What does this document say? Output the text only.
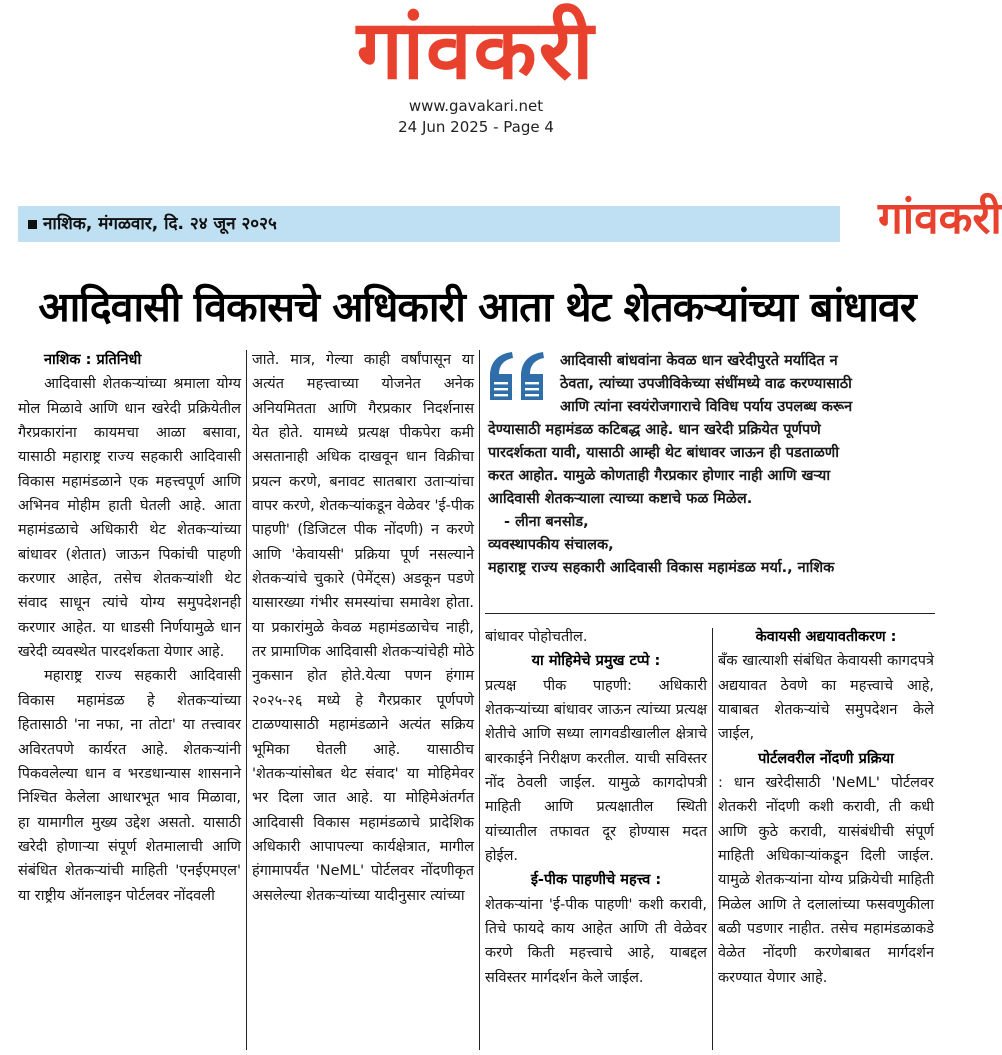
गांवकरी
www.gavakari.net
24 Jun 2025 - Page 4
नाशिक, मंगळवार, दि. २४ जून २०२५	गांवकरी
आदिवासी विकासचे अधिकारी आता थेट शेतकऱ्यांच्या बांधावर

नाशिक : प्रतिनिधी

आदिवासी शेतकऱ्यांच्या श्रमाला योग्य मोल मिळावे आणि धान खरेदी प्रक्रियेतील गैरप्रकारांना कायमचा आळा बसावा, यासाठी महाराष्ट्र राज्य सहकारी आदिवासी विकास महामंडळाने एक महत्त्वपूर्ण आणि अभिनव मोहीम हाती घेतली आहे. आता महामंडळाचे अधिकारी थेट शेतकऱ्यांच्या बांधावर (शेतात) जाऊन पिकांची पाहणी करणार आहेत, तसेच शेतकऱ्यांशी थेट संवाद साधून त्यांचे योग्य समुपदेशनही करणार आहेत. या धाडसी निर्णयामुळे धान खरेदी व्यवस्थेत पारदर्शकता येणार आहे.

महाराष्ट्र राज्य सहकारी आदिवासी विकास महामंडळ हे शेतकऱ्यांच्या हितासाठी 'ना नफा, ना तोटा' या तत्त्वावर अविरतपणे कार्यरत आहे. शेतकऱ्यांनी पिकवलेल्या धान व भरडधान्यास शासनाने निश्चित केलेला आधारभूत भाव मिळावा, हा यामागील मुख्य उद्देश असतो. यासाठी खरेदी होणाऱ्या संपूर्ण शेतमालाची आणि संबंधित शेतकऱ्यांची माहिती 'एनईएमएल' या राष्ट्रीय ऑनलाइन पोर्टलवर नोंदवली

जाते. मात्र, गेल्या काही वर्षांपासून या अत्यंत महत्त्वाच्या योजनेत अनेक अनियमितता आणि गैरप्रकार निदर्शनास येत होते. यामध्ये प्रत्यक्ष पीकपेरा कमी असतानाही अधिक दाखवून धान विक्रीचा प्रयत्न करणे, बनावट सातबारा उताऱ्यांचा वापर करणे, शेतकऱ्यांकडून वेळेवर 'ई-पीक पाहणी' (डिजिटल पीक नोंदणी) न करणे आणि 'केवायसी' प्रक्रिया पूर्ण नसल्याने शेतकऱ्यांचे चुकारे (पेमेंट्स) अडकून पडणे यासारख्या गंभीर समस्यांचा समावेश होता. या प्रकारांमुळे केवळ महामंडळाचेच नाही, तर प्रामाणिक आदिवासी शेतकऱ्यांचेही मोठे नुकसान होत होते.येत्या पणन हंगाम २०२५-२६ मध्ये हे गैरप्रकार पूर्णपणे टाळण्यासाठी महामंडळाने अत्यंत सक्रिय भूमिका घेतली आहे. यासाठीच 'शेतकऱ्यांसोबत थेट संवाद' या मोहिमेवर भर दिला जात आहे. या मोहिमेअंतर्गत आदिवासी विकास महामंडळाचे प्रादेशिक अधिकारी आपापल्या कार्यक्षेत्रात, मागील हंगामापर्यंत 'NeML' पोर्टलवर नोंदणीकृत असलेल्या शेतकऱ्यांच्या यादीनुसार त्यांच्या

आदिवासी बांधवांना केवळ धान खरेदीपुरते मर्यादित न
ठेवता, त्यांच्या उपजीविकेच्या संधींमध्ये वाढ करण्यासाठी
आणि त्यांना स्वयंरोजगाराचे विविध पर्याय उपलब्ध करून
देण्यासाठी महामंडळ कटिबद्ध आहे. धान खरेदी प्रक्रियेत पूर्णपणे
पारदर्शकता यावी, यासाठी आम्ही थेट बांधावर जाऊन ही पडताळणी
करत आहोत. यामुळे कोणताही गैरप्रकार होणार नाही आणि खऱ्या
आदिवासी शेतकऱ्याला त्याच्या कष्टाचे फळ मिळेल.
- लीना बनसोड,
व्यवस्थापकीय संचालक,
महाराष्ट्र राज्य सहकारी आदिवासी विकास महामंडळ मर्या., नाशिक

बांधावर पोहोचतील.

या मोहिमेचे प्रमुख टप्पे :

प्रत्यक्ष पीक पाहणी: अधिकारी शेतकऱ्यांच्या बांधावर जाऊन त्यांच्या प्रत्यक्ष शेतीचे आणि सध्या लागवडीखालील क्षेत्राचे बारकाईने निरीक्षण करतील. याची सविस्तर नोंद ठेवली जाईल. यामुळे कागदोपत्री माहिती आणि प्रत्यक्षातील स्थिती यांच्यातील तफावत दूर होण्यास मदत होईल.

ई-पीक पाहणीचे महत्त्व :

शेतकऱ्यांना 'ई-पीक पाहणी' कशी करावी, तिचे फायदे काय आहेत आणि ती वेळेवर करणे किती महत्त्वाचे आहे, याबद्दल सविस्तर मार्गदर्शन केले जाईल.

केवायसी अद्ययावतीकरण :

बँक खात्याशी संबंधित केवायसी कागदपत्रे अद्ययावत ठेवणे का महत्त्वाचे आहे, याबाबत शेतकऱ्यांचे समुपदेशन केले जाईल,

पोर्टलवरील नोंदणी प्रक्रिया

: धान खरेदीसाठी 'NeML' पोर्टलवर शेतकरी नोंदणी कशी करावी, ती कधी आणि कुठे करावी, यासंबंधीची संपूर्ण माहिती अधिकाऱ्यांकडून दिली जाईल. यामुळे शेतकऱ्यांना योग्य प्रक्रियेची माहिती मिळेल आणि ते दलालांच्या फसवणुकीला बळी पडणार नाहीत. तसेच महामंडळाकडे वेळेत नोंदणी करणेबाबत मार्गदर्शन करण्यात येणार आहे.
